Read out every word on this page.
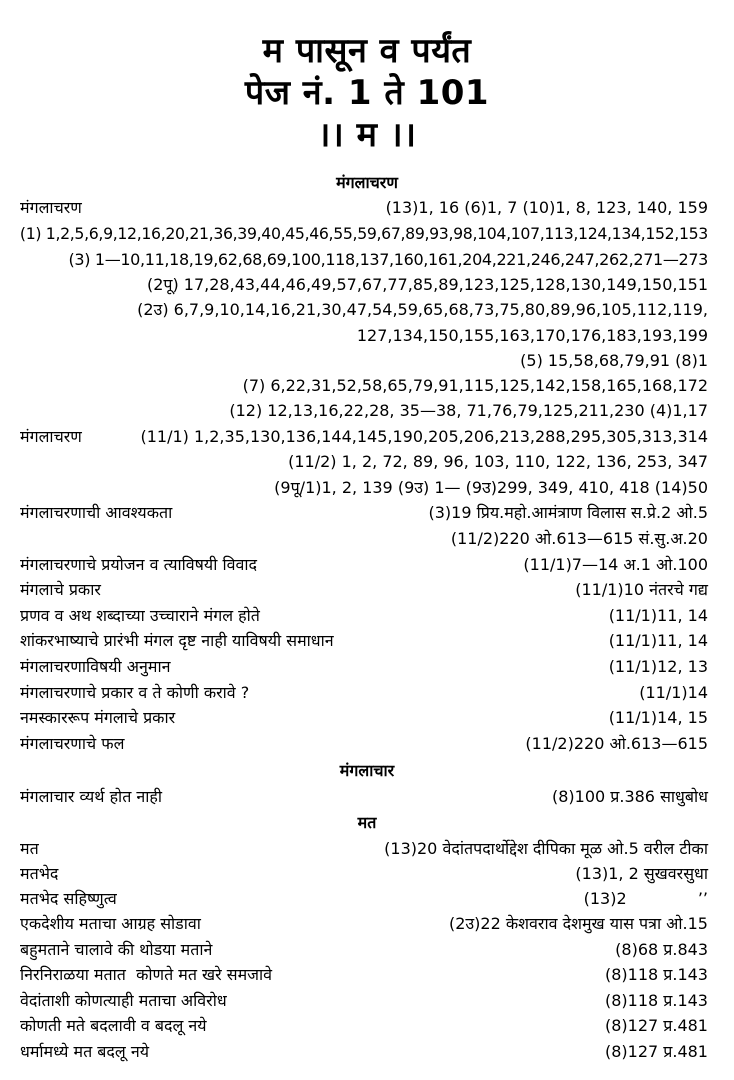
म पासून व पर्यंत
पेज नं. 1 ते 101
।। म ।।
मंगलाचरण
मंगलाचरण	(13)1, 16 (6)1, 7 (10)1, 8, 123, 140, 159
(1) 1,2,5,6,9,12,16,20,21,36,39,40,45,46,55,59,67,89,93,98,104,107,113,124,134,152,153
(3) 1—10,11,18,19,62,68,69,100,118,137,160,161,204,221,246,247,262,271—273
(2पू) 17,28,43,44,46,49,57,67,77,85,89,123,125,128,130,149,150,151
(2उ) 6,7,9,10,14,16,21,30,47,54,59,65,68,73,75,80,89,96,105,112,119,
127,134,150,155,163,170,176,183,193,199
(5) 15,58,68,79,91 (8)1
(7) 6,22,31,52,58,65,79,91,115,125,142,158,165,168,172
(12) 12,13,16,22,28, 35—38, 71,76,79,125,211,230 (4)1,17
मंगलाचरण	(11/1) 1,2,35,130,136,144,145,190,205,206,213,288,295,305,313,314
(11/2) 1, 2, 72, 89, 96, 103, 110, 122, 136, 253, 347
(9पू/1)1, 2, 139 (9उ) 1— (9उ)299, 349, 410, 418 (14)50
मंगलाचरणाची आवश्यकता	(3)19 प्रिय.महो.आमंत्राण विलास स.प्रे.2 ओ.5
(11/2)220 ओ.613—615 सं.सु.अ.20
मंगलाचरणाचे प्रयोजन व त्याविषयी विवाद	(11/1)7—14 अ.1 ओ.100
मंगलाचे प्रकार	(11/1)10 नंतरचे गद्य
प्रणव व अथ शब्दाच्या उच्चाराने मंगल होते	(11/1)11, 14
शांकरभाष्याचे प्रारंभी मंगल दृष्ट नाही याविषयी समाधान	(11/1)11, 14
मंगलाचरणाविषयी अनुमान	(11/1)12, 13
मंगलाचरणाचे प्रकार व ते कोणी करावे ?	(11/1)14
नमस्काररूप मंगलाचे प्रकार	(11/1)14, 15
मंगलाचरणाचे फल	(11/2)220 ओ.613—615
मंगलाचार
मंगलाचार व्यर्थ होत नाही	(8)100 प्र.386 साधुबोध
मत
मत	(13)20 वेदांतपदार्थोद्देश दीपिका मूळ ओ.5 वरील टीका
मतभेद	(13)1, 2 सुखवरसुधा
मतभेद सहिष्णुत्व	(13)2              ’’
एकदेशीय मताचा आग्रह सोडावा	(2उ)22 केशवराव देशमुख यास पत्रा ओ.15
बहुमताने चालावे की थोडया मताने	(8)68 प्र.843
निरनिराळया मतात  कोणते मत खरे समजावे	(8)118 प्र.143
वेदांताशी कोणत्याही मताचा अविरोध	(8)118 प्र.143
कोणती मते बदलावी व बदलू नये	(8)127 प्र.481
धर्मामध्ये मत बदलू नये	(8)127 प्र.481
